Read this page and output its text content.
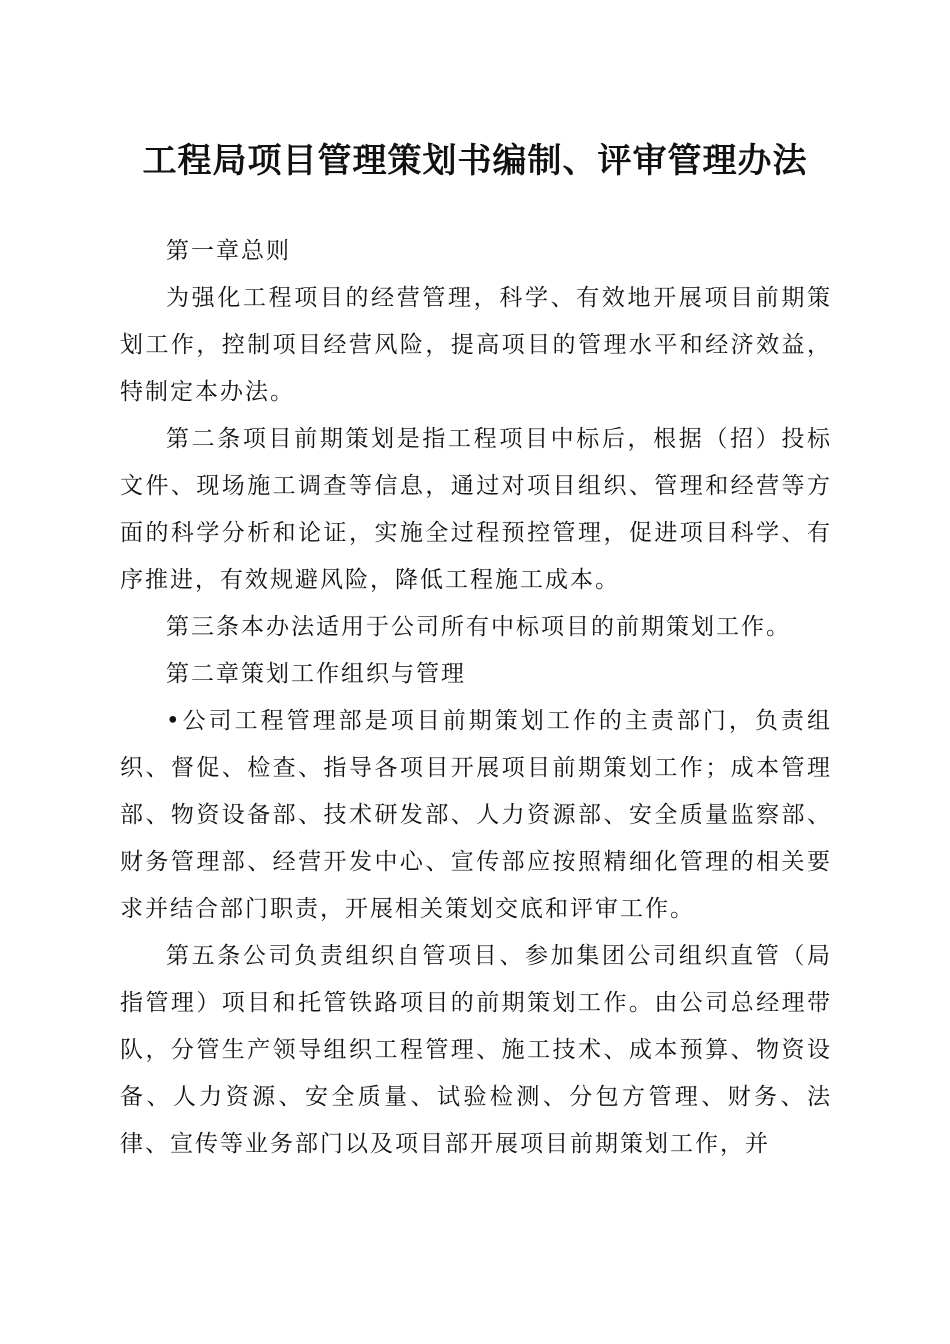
工程局项目管理策划书编制、评审管理办法

第一章总则

为强化工程项目的经营管理，科学、有效地开展项目前期策划工作，控制项目经营风险，提高项目的管理水平和经济效益，特制定本办法。

第二条项目前期策划是指工程项目中标后，根据（招）投标文件、现场施工调查等信息，通过对项目组织、管理和经营等方面的科学分析和论证，实施全过程预控管理，促进项目科学、有序推进，有效规避风险，降低工程施工成本。

第三条本办法适用于公司所有中标项目的前期策划工作。

第二章策划工作组织与管理

•公司工程管理部是项目前期策划工作的主责部门，负责组织、督促、检查、指导各项目开展项目前期策划工作；成本管理部、物资设备部、技术研发部、人力资源部、安全质量监察部、财务管理部、经营开发中心、宣传部应按照精细化管理的相关要求并结合部门职责，开展相关策划交底和评审工作。

第五条公司负责组织自管项目、参加集团公司组织直管（局指管理）项目和托管铁路项目的前期策划工作。由公司总经理带队，分管生产领导组织工程管理、施工技术、成本预算、物资设备、人力资源、安全质量、试验检测、分包方管理、财务、法律、宣传等业务部门以及项目部开展项目前期策划工作，并
